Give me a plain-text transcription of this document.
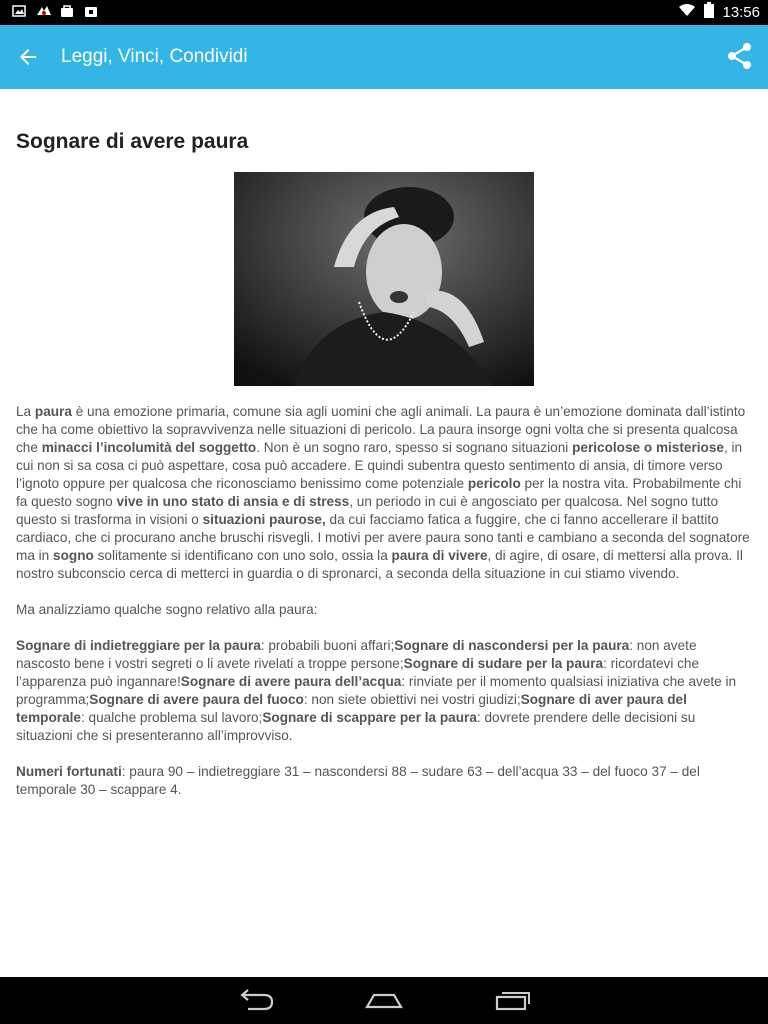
13:56
Leggi, Vinci, Condividi
Sognare di avere paura

La paura è una emozione primaria, comune sia agli uomini che agli animali. La paura è un’emozione dominata dall’istinto che ha come obiettivo la sopravvivenza nelle situazioni di pericolo. La paura insorge ogni volta che si presenta qualcosa che minacci l’incolumità del soggetto. Non è un sogno raro, spesso si sognano situazioni pericolose o misteriose, in cui non si sa cosa ci può aspettare, cosa può accadere. E quindi subentra questo sentimento di ansia, di timore verso l’ignoto oppure per qualcosa che riconosciamo benissimo come potenziale pericolo per la nostra vita. Probabilmente chi fa questo sogno vive in uno stato di ansia e di stress, un periodo in cui è angosciato per qualcosa. Nel sogno tutto questo si trasforma in visioni o situazioni paurose, da cui facciamo fatica a fuggire, che ci fanno accellerare il battito cardiaco, che ci procurano anche bruschi risvegli. I motivi per avere paura sono tanti e cambiano a seconda del sognatore ma in sogno solitamente si identificano con uno solo, ossia la paura di vivere, di agire, di osare, di mettersi alla prova. Il nostro subconscio cerca di metterci in guardia o di spronarci, a seconda della situazione in cui stiamo vivendo.

Ma analizziamo qualche sogno relativo alla paura:

Sognare di indietreggiare per la paura: probabili buoni affari;Sognare di nascondersi per la paura: non avete nascosto bene i vostri segreti o li avete rivelati a troppe persone;Sognare di sudare per la paura: ricordatevi che l’apparenza può ingannare!Sognare di avere paura dell’acqua: rinviate per il momento qualsiasi iniziativa che avete in programma;Sognare di avere paura del fuoco: non siete obiettivi nei vostri giudizi;Sognare di aver paura del temporale: qualche problema sul lavoro;Sognare di scappare per la paura: dovrete prendere delle decisioni su situazioni che si presenteranno all’improvviso.

Numeri fortunati: paura 90 – indietreggiare 31 – nascondersi 88 – sudare 63 – dell’acqua 33 – del fuoco 37 – del temporale 30 – scappare 4.
